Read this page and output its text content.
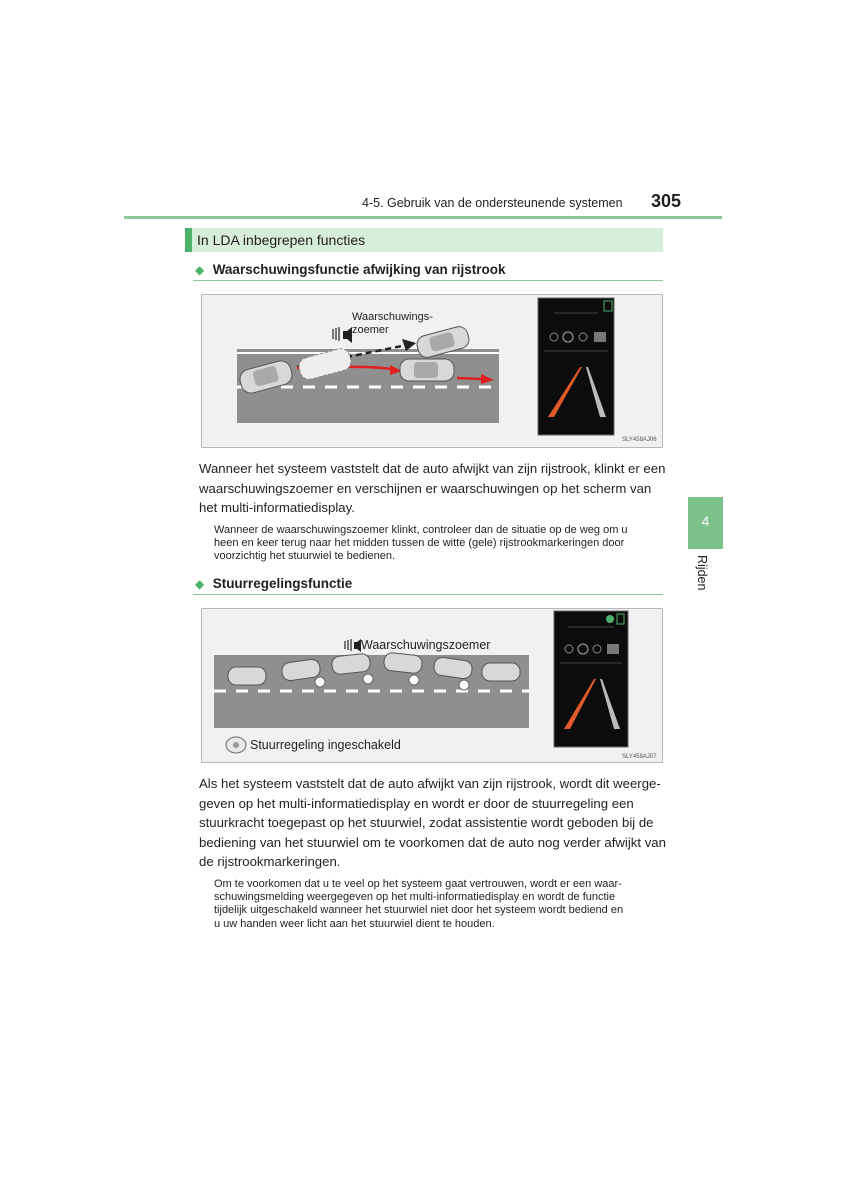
4-5. Gebruik van de ondersteunende systemen 305
4
Rijden
In LDA inbegrepen functies
◆ Waarschuwingsfunctie afwijking van rijstrook
Waarschuwings-
zoemer
SLY458AJ06
Wanneer het systeem vaststelt dat de auto afwijkt van zijn rijstrook, klinkt er een
waarschuwingszoemer en verschijnen er waarschuwingen op het scherm van
het multi-informatiedisplay.
Wanneer de waarschuwingszoemer klinkt, controleer dan de situatie op de weg om u
heen en keer terug naar het midden tussen de witte (gele) rijstrookmarkeringen door
voorzichtig het stuurwiel te bedienen.
◆ Stuurregelingsfunctie
Waarschuwingszoemer
Stuurregeling ingeschakeld
SLY458AJ07
Als het systeem vaststelt dat de auto afwijkt van zijn rijstrook, wordt dit weerge-
geven op het multi-informatiedisplay en wordt er door de stuurregeling een
stuurkracht toegepast op het stuurwiel, zodat assistentie wordt geboden bij de
bediening van het stuurwiel om te voorkomen dat de auto nog verder afwijkt van
de rijstrookmarkeringen.
Om te voorkomen dat u te veel op het systeem gaat vertrouwen, wordt er een waar-
schuwingsmelding weergegeven op het multi-informatiedisplay en wordt de functie
tijdelijk uitgeschakeld wanneer het stuurwiel niet door het systeem wordt bediend en
u uw handen weer licht aan het stuurwiel dient te houden.
